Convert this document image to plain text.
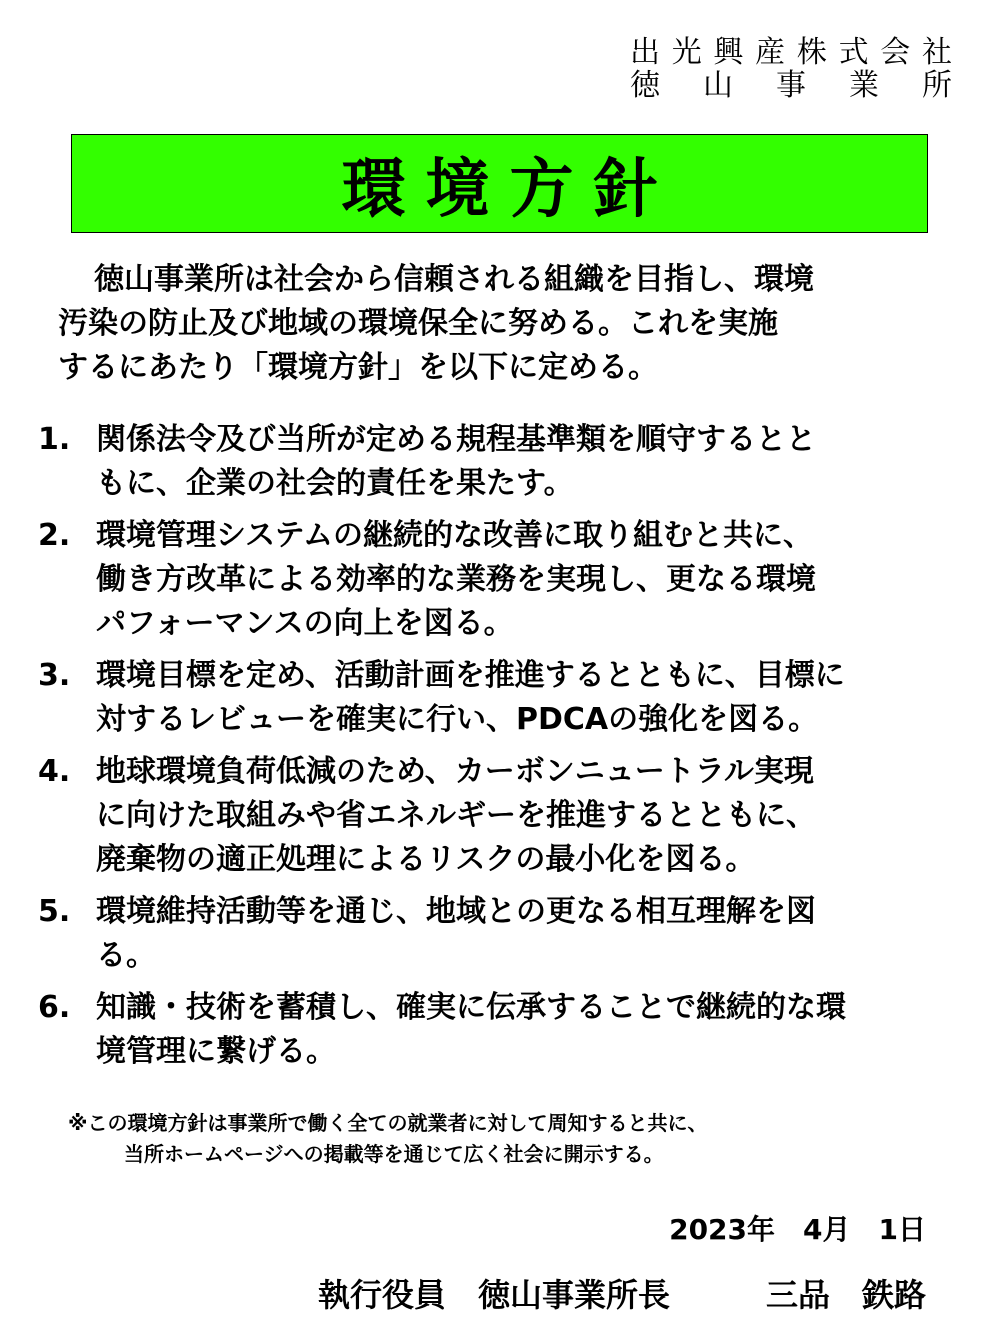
出光興産株式会社
徳山事業所
環境方針
徳山事業所は社会から信頼される組織を目指し、環境
汚染の防止及び地域の環境保全に努める。これを実施
するにあたり「環境方針」を以下に定める。
1. 関係法令及び当所が定める規程基準類を順守するとと
もに、企業の社会的責任を果たす。
2. 環境管理システムの継続的な改善に取り組むと共に、
働き方改革による効率的な業務を実現し、更なる環境
パフォーマンスの向上を図る。
3. 環境目標を定め、活動計画を推進するとともに、目標に
対するレビューを確実に行い、PDCAの強化を図る。
4. 地球環境負荷低減のため、カーボンニュートラル実現
に向けた取組みや省エネルギーを推進するとともに、
廃棄物の適正処理によるリスクの最小化を図る。
5. 環境維持活動等を通じ、地域との更なる相互理解を図
る。
6. 知識・技術を蓄積し、確実に伝承することで継続的な環
境管理に繋げる。
※この環境方針は事業所で働く全ての就業者に対して周知すると共に、
当所ホームページへの掲載等を通じて広く社会に開示する。
2023年　4月　1日
執行役員　徳山事業所長　　　三品　鉄路
